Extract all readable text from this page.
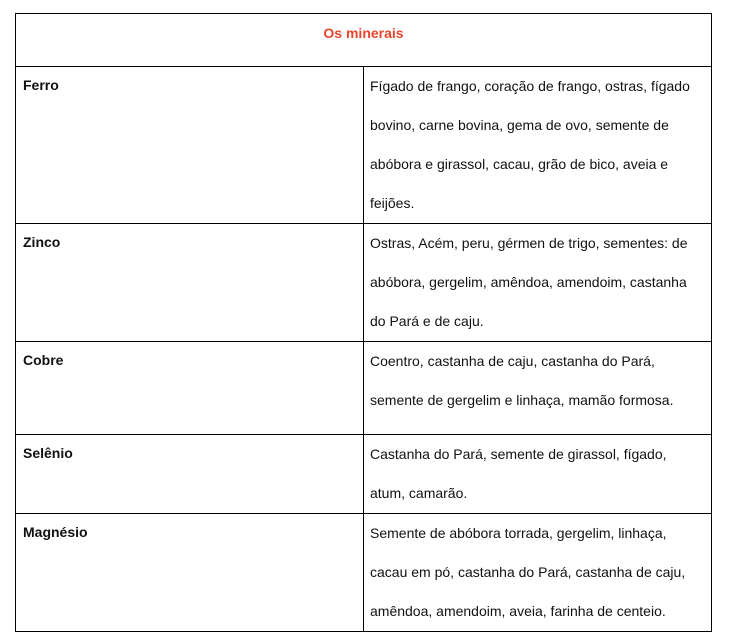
Os minerais	
Ferro	Fígado de frango, coração de frango, ostras, fígado bovino, carne bovina, gema de ovo, semente de abóbora e girassol, cacau, grão de bico, aveia e feijões.

Zinco	Ostras, Acém, peru, gérmen de trigo, sementes: de abóbora, gergelim, amêndoa, amendoim, castanha do Pará e de caju.

Cobre	Coentro, castanha de caju, castanha do Pará, semente de gergelim e linhaça, mamão formosa.

Selênio	Castanha do Pará, semente de girassol, fígado, atum, camarão.

Magnésio	Semente de abóbora torrada, gergelim, linhaça, cacau em pó, castanha do Pará, castanha de caju, amêndoa, amendoim, aveia, farinha de centeio.
